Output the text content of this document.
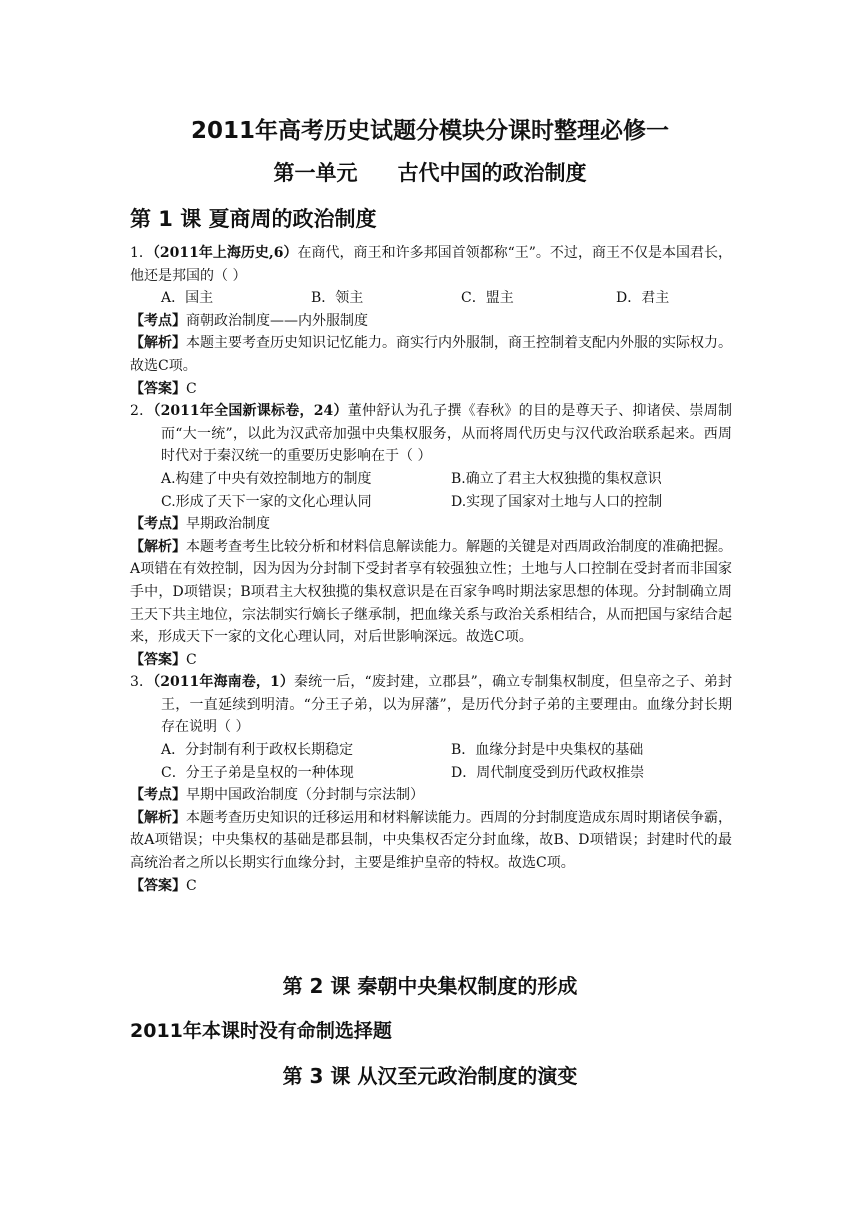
2011年高考历史试题分模块分课时整理必修一
第一单元 古代中国的政治制度
第 1 课 夏商周的政治制度

1．（2011年上海历史,6）在商代，商王和许多邦国首领都称“王”。不过，商王不仅是本国君长，他还是邦国的（ ）

A．国主	B．领主	C．盟主	D．君主

【考点】商朝政治制度——内外服制度

【解析】本题主要考查历史知识记忆能力。商实行内外服制，商王控制着支配内外服的实际权力。故选C项。

【答案】C

2．（2011年全国新课标卷，24）董仲舒认为孔子撰《春秋》的目的是尊天子、抑诸侯、崇周制而“大一统”，以此为汉武帝加强中央集权服务，从而将周代历史与汉代政治联系起来。西周时代对于秦汉统一的重要历史影响在于（ ）

A.构建了中央有效控制地方的制度	B.确立了君主大权独揽的集权意识
C.形成了天下一家的文化心理认同	D.实现了国家对土地与人口的控制

【考点】早期政治制度

【解析】本题考查考生比较分析和材料信息解读能力。解题的关键是对西周政治制度的准确把握。A项错在有效控制，因为因为分封制下受封者享有较强独立性；土地与人口控制在受封者而非国家手中，D项错误；B项君主大权独揽的集权意识是在百家争鸣时期法家思想的体现。分封制确立周王天下共主地位，宗法制实行嫡长子继承制，把血缘关系与政治关系相结合，从而把国与家结合起来，形成天下一家的文化心理认同，对后世影响深远。故选C项。

【答案】C

3．（2011年海南卷，1）秦统一后，“废封建，立郡县”，确立专制集权制度，但皇帝之子、弟封王，一直延续到明清。“分王子弟，以为屏藩”，是历代分封子弟的主要理由。血缘分封长期存在说明（ ）

A．分封制有利于政权长期稳定	B．血缘分封是中央集权的基础
C．分王子弟是皇权的一种体现	D．周代制度受到历代政权推崇

【考点】早期中国政治制度（分封制与宗法制）

【解析】本题考查历史知识的迁移运用和材料解读能力。西周的分封制度造成东周时期诸侯争霸，故A项错误；中央集权的基础是郡县制，中央集权否定分封血缘，故B、D项错误；封建时代的最高统治者之所以长期实行血缘分封，主要是维护皇帝的特权。故选C项。

【答案】C

第 2 课 秦朝中央集权制度的形成
2011年本课时没有命制选择题
第 3 课 从汉至元政治制度的演变
